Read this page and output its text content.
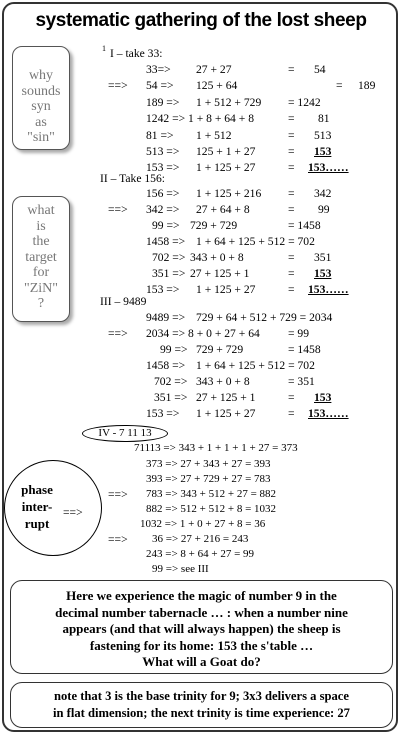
systematic gathering of the lost sheep
why
sounds
syn
as
"sin"
what
is
the
target
for
"ZiN"
?
1 I – take 33:
33=> 27 + 27	= 54
==> 54 => 125 + 64	= 189
189 => 1 + 512 + 729 = 1242
1242 => 1 + 8 + 64 + 8	= 81
81 => 1 + 512	= 513
513 => 125 + 1 + 27	= 153
153 => 1 + 125 + 27	= 153……
II – Take 156:
156 => 1 + 125 + 216 = 342
==> 342 => 27 + 64 + 8	= 99
99 => 729 + 729	= 1458
1458 => 1 + 64 + 125 + 512 = 702
702 => 343 + 0 + 8	= 351
351 => 27 + 125 + 1	= 153
153 => 1 + 125 + 27	= 153……
III – 9489
9489 => 729 + 64 + 512 + 729 = 2034
==> 2034 => 8 + 0 + 27 + 64 = 99
99 => 729 + 729	= 1458
1458 => 1 + 64 + 125 + 512 = 702
702 => 343 + 0 + 8	= 351
351 => 27 + 125 + 1	= 153
153 => 1 + 125 + 27	= 153……
IV - 7 11 13
71113 => 343 + 1 + 1 + 1 + 27 = 373
373 => 27 + 343 + 27 = 393
393 => 27 + 729 + 27 = 783
==> 783 => 343 + 512 + 27 = 882
882 => 512 + 512 + 8 = 1032
1032 => 1 + 0 + 27 + 8 = 36
==> 36 => 27 + 216 = 243
243 => 8 + 64 + 27 = 99
99 => see III
phase
inter-
rupt
==>
Here we experience the magic of number 9 in the
decimal number tabernacle … : when a number nine
appears (and that will always happen) the sheep is
fastening for its home: 153 the s'table …
What will a Goat do?
note that 3 is the base trinity for 9; 3x3 delivers a space
in flat dimension; the next trinity is time experience: 27
